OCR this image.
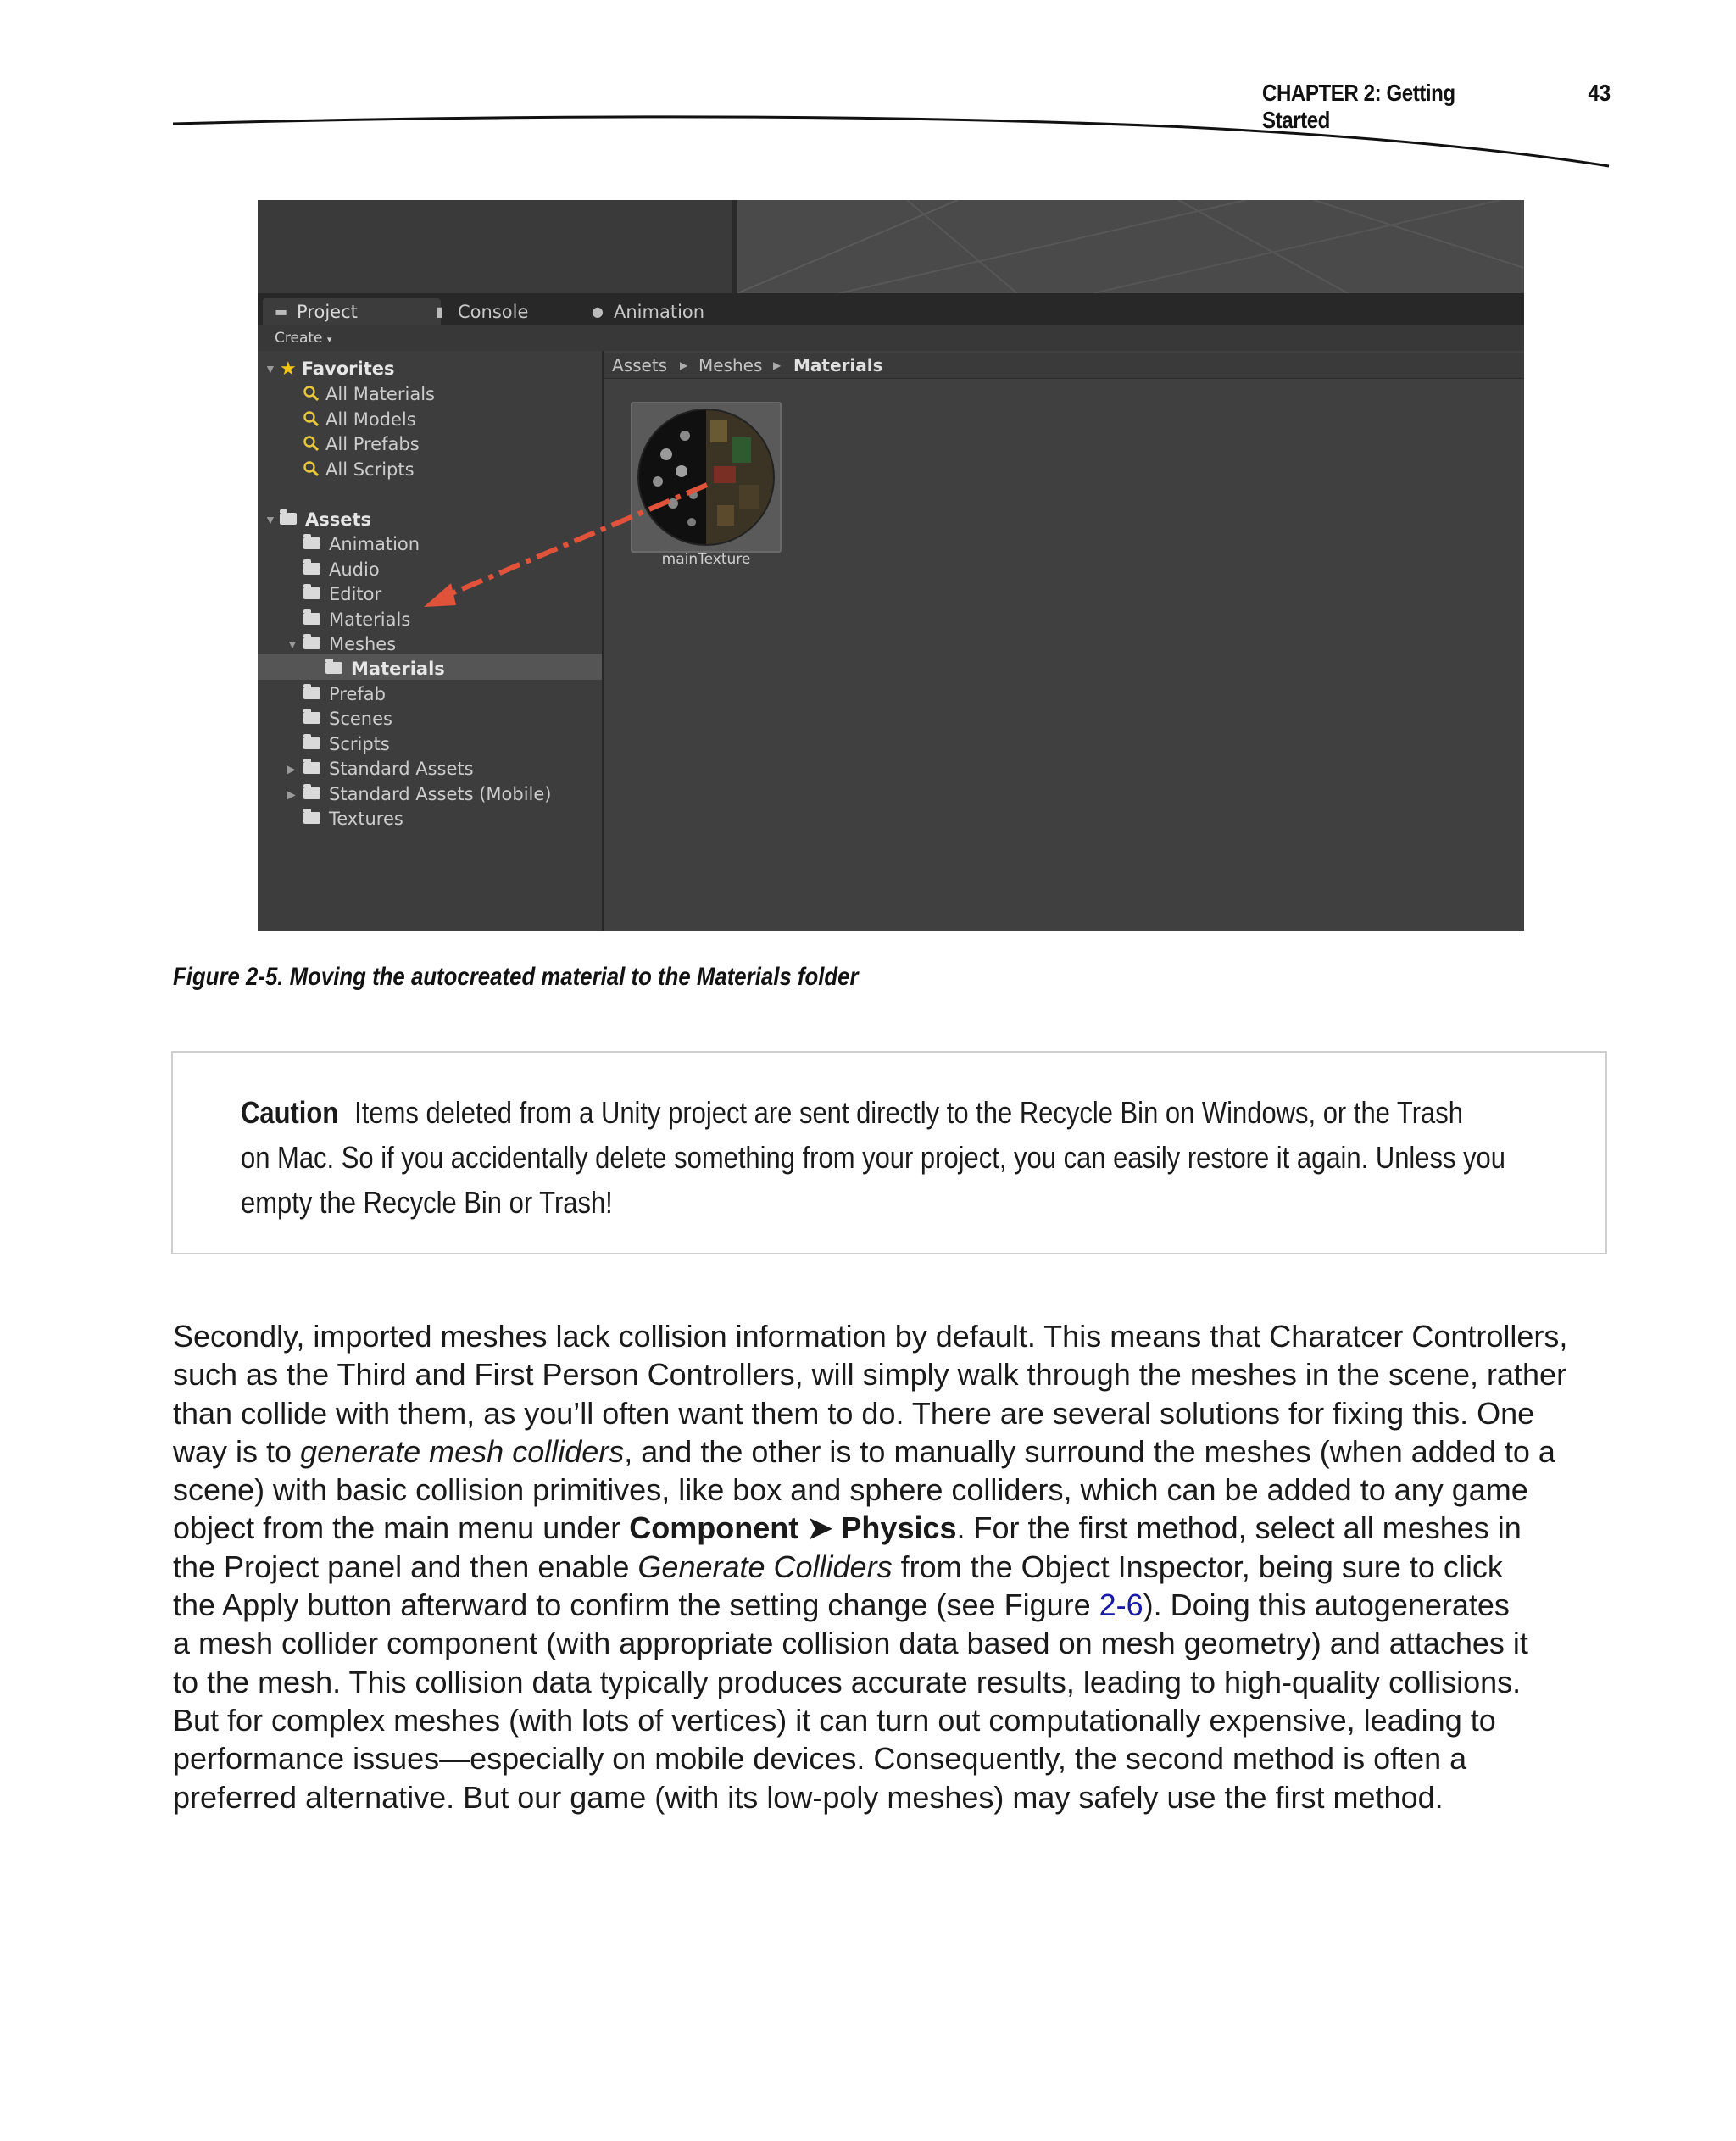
CHAPTER 2: Getting Started
43
▬ Project	▮ Console	● Animation
Create ▾
Assets ▶ Meshes ▶ Materials
▼ ★ Favorites
All Materials
All Models
All Prefabs
All Scripts
▼	Assets
Animation
Audio
Editor
Materials
▼	Meshes
Materials
Prefab
Scenes
Scripts
▶	Standard Assets
▶	Standard Assets (Mobile)
Textures
mainTexture
Figure 2-5. Moving the autocreated material to the Materials folder
Caution Items deleted from a Unity project are sent directly to the Recycle Bin on Windows, or the Trash
on Mac. So if you accidentally delete something from your project, you can easily restore it again. Unless you
empty the Recycle Bin or Trash!
Secondly, imported meshes lack collision information by default. This means that Charatcer Controllers,
such as the Third and First Person Controllers, will simply walk through the meshes in the scene, rather
than collide with them, as you’ll often want them to do. There are several solutions for fixing this. One
way is to generate mesh colliders, and the other is to manually surround the meshes (when added to a
scene) with basic collision primitives, like box and sphere colliders, which can be added to any game
object from the main menu under Component ➤ Physics. For the first method, select all meshes in
the Project panel and then enable Generate Colliders from the Object Inspector, being sure to click
the Apply button afterward to confirm the setting change (see Figure 2-6). Doing this autogenerates
a mesh collider component (with appropriate collision data based on mesh geometry) and attaches it
to the mesh. This collision data typically produces accurate results, leading to high-quality collisions.
But for complex meshes (with lots of vertices) it can turn out computationally expensive, leading to
performance issues—especially on mobile devices. Consequently, the second method is often a
preferred alternative. But our game (with its low-poly meshes) may safely use the first method.
